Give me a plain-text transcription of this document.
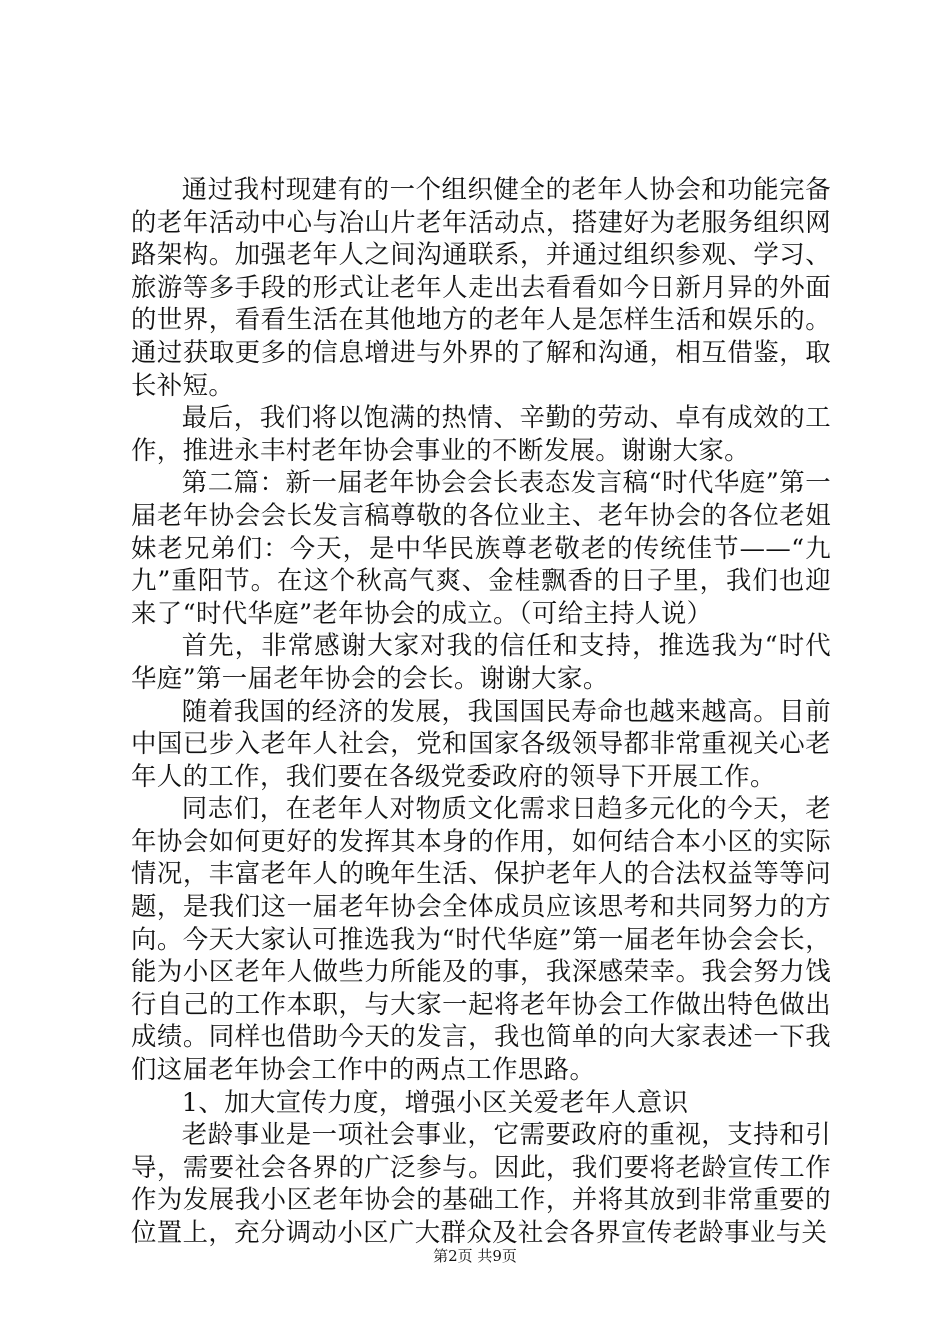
通过我村现建有的一个组织健全的老年人协会和功能完备的老年活动中心与冶山片老年活动点，搭建好为老服务组织网路架构。加强老年人之间沟通联系，并通过组织参观、学习、旅游等多手段的形式让老年人走出去看看如今日新月异的外面的世界，看看生活在其他地方的老年人是怎样生活和娱乐的。通过获取更多的信息增进与外界的了解和沟通，相互借鉴，取长补短。

最后，我们将以饱满的热情、辛勤的劳动、卓有成效的工作，推进永丰村老年协会事业的不断发展。谢谢大家。

第二篇：新一届老年协会会长表态发言稿“时代华庭”第一届老年协会会长发言稿尊敬的各位业主、老年协会的各位老姐妹老兄弟们：今天，是中华民族尊老敬老的传统佳节——“九九”重阳节。在这个秋高气爽、金桂飘香的日子里，我们也迎来了“时代华庭”老年协会的成立。（可给主持人说）

首先，非常感谢大家对我的信任和支持，推选我为“时代华庭”第一届老年协会的会长。谢谢大家。

随着我国的经济的发展，我国国民寿命也越来越高。目前中国已步入老年人社会，党和国家各级领导都非常重视关心老年人的工作，我们要在各级党委政府的领导下开展工作。

同志们，在老年人对物质文化需求日趋多元化的今天，老年协会如何更好的发挥其本身的作用，如何结合本小区的实际情况，丰富老年人的晚年生活、保护老年人的合法权益等等问题，是我们这一届老年协会全体成员应该思考和共同努力的方向。今天大家认可推选我为“时代华庭”第一届老年协会会长，能为小区老年人做些力所能及的事，我深感荣幸。我会努力饯行自己的工作本职，与大家一起将老年协会工作做出特色做出成绩。同样也借助今天的发言，我也简单的向大家表述一下我们这届老年协会工作中的两点工作思路。

1、加大宣传力度，增强小区关爱老年人意识

老龄事业是一项社会事业，它需要政府的重视，支持和引导，需要社会各界的广泛参与。因此，我们要将老龄宣传工作作为发展我小区老年协会的基础工作，并将其放到非常重要的位置上，充分调动小区广大群众及社会各界宣传老龄事业与关

第2页 共9页
